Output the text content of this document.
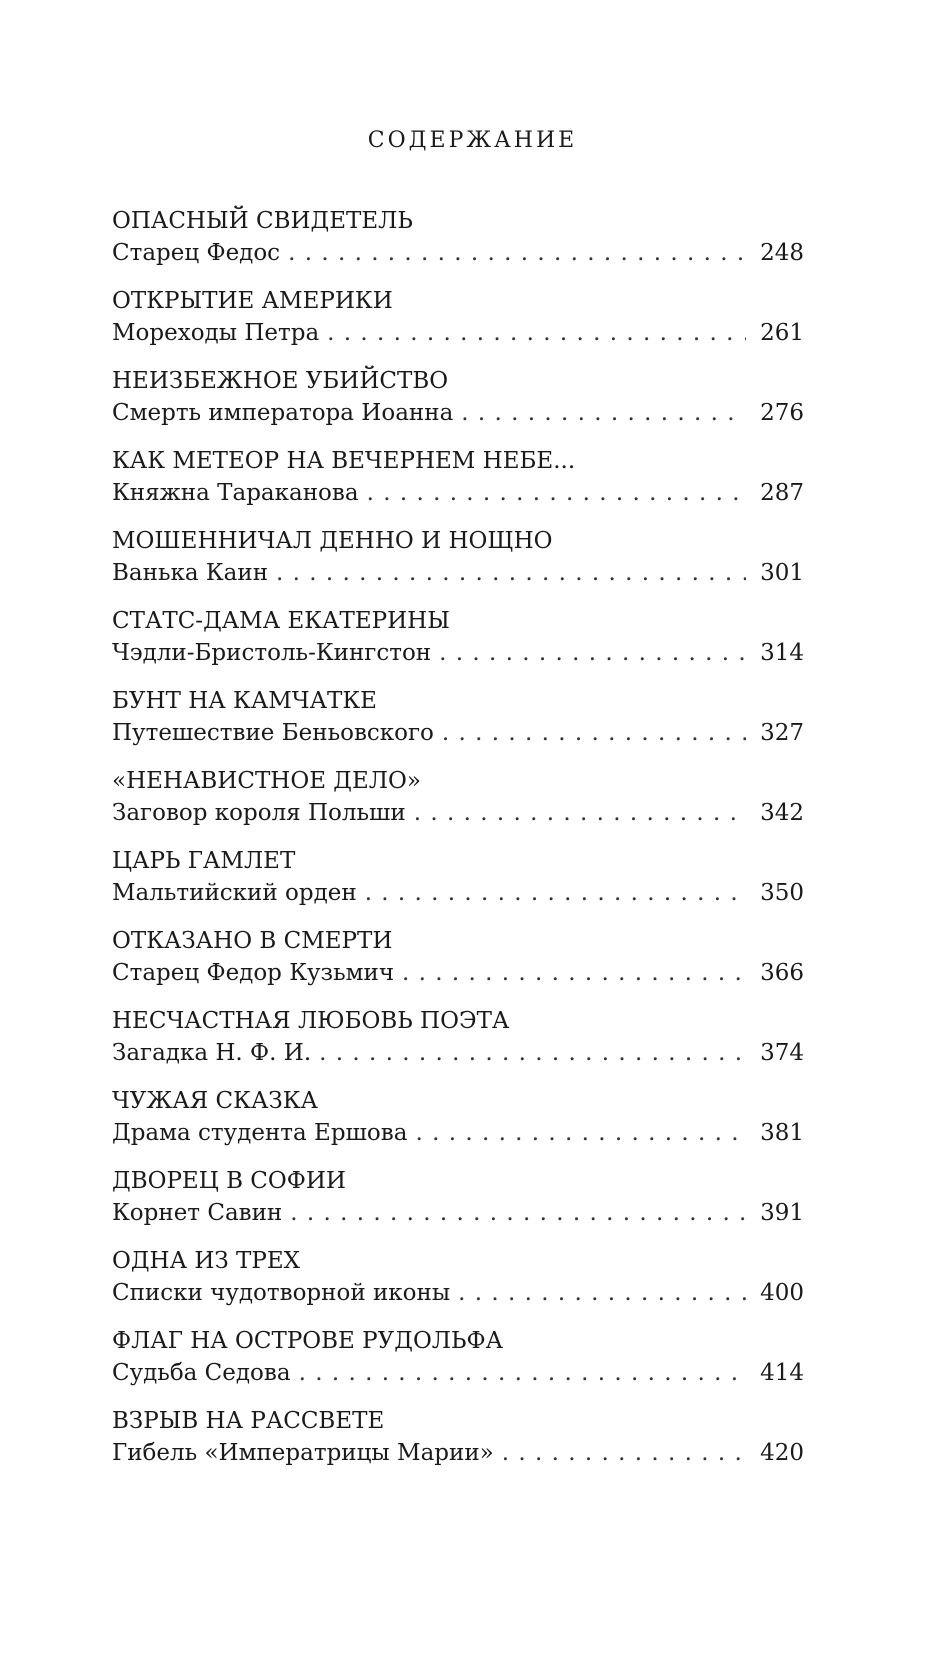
СОДЕРЖАНИЕ
ОПАСНЫЙ СВИДЕТЕЛЬ
Старец Федос . . .	248
ОТКРЫТИЕ АМЕРИКИ
Мореходы Петра . . .	261
НЕИЗБЕЖНОЕ УБИЙСТВО
Смерть императора Иоанна . . .	276
КАК МЕТЕОР НА ВЕЧЕРНЕМ НЕБЕ...
Княжна Тараканова . . .	287
МОШЕННИЧАЛ ДЕННО И НОЩНО
Ванька Каин . . .	301
СТАТС-ДАМА ЕКАТЕРИНЫ
Чэдли-Бристоль-Кингстон . . .	314
БУНТ НА КАМЧАТКЕ
Путешествие Беньовского . . .	327
«НЕНАВИСТНОЕ ДЕЛО»
Заговор короля Польши . . .	342
ЦАРЬ ГАМЛЕТ
Мальтийский орден . . .	350
ОТКАЗАНО В СМЕРТИ
Старец Федор Кузьмич . . .	366
НЕСЧАСТНАЯ ЛЮБОВЬ ПОЭТА
Загадка Н. Ф. И. . . .	374
ЧУЖАЯ СКАЗКА
Драма студента Ершова . . .	381
ДВОРЕЦ В СОФИИ
Корнет Савин . . .	391
ОДНА ИЗ ТРЕХ
Списки чудотворной иконы . . .	400
ФЛАГ НА ОСТРОВЕ РУДОЛЬФА
Судьба Седова . . .	414
ВЗРЫВ НА РАССВЕТЕ
Гибель «Императрицы Марии» . . .	420
